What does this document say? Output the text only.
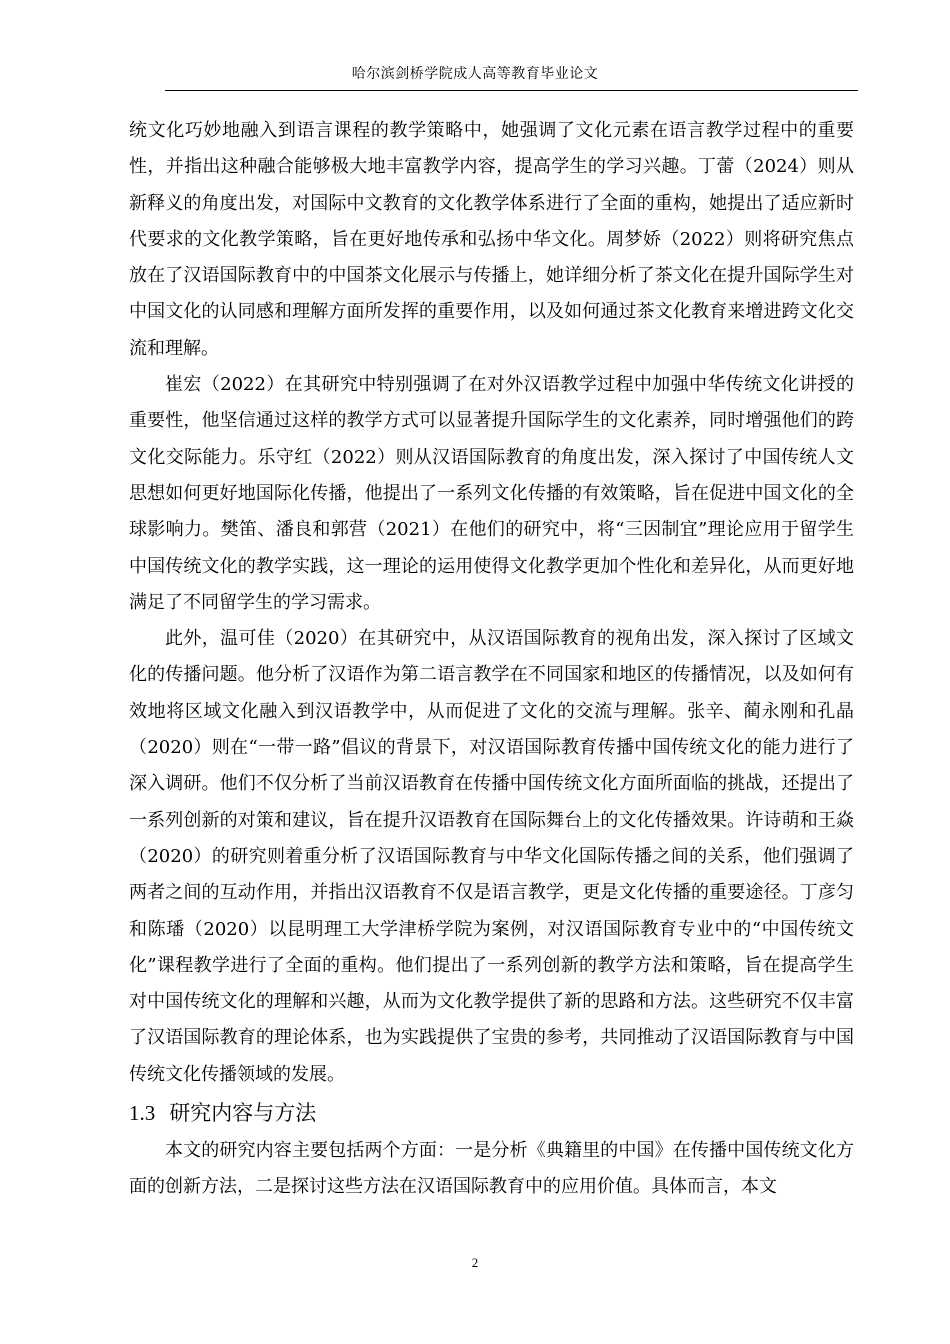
哈尔滨剑桥学院成人高等教育毕业论文

统文化巧妙地融入到语言课程的教学策略中，她强调了文化元素在语言教学过程中的重要性，并指出这种融合能够极大地丰富教学内容，提高学生的学习兴趣。丁蕾（2024）则从新释义的角度出发，对国际中文教育的文化教学体系进行了全面的重构，她提出了适应新时代要求的文化教学策略，旨在更好地传承和弘扬中华文化。周梦娇（2022）则将研究焦点放在了汉语国际教育中的中国茶文化展示与传播上，她详细分析了茶文化在提升国际学生对中国文化的认同感和理解方面所发挥的重要作用，以及如何通过茶文化教育来增进跨文化交流和理解。

崔宏（2022）在其研究中特别强调了在对外汉语教学过程中加强中华传统文化讲授的重要性，他坚信通过这样的教学方式可以显著提升国际学生的文化素养，同时增强他们的跨文化交际能力。乐守红（2022）则从汉语国际教育的角度出发，深入探讨了中国传统人文思想如何更好地国际化传播，他提出了一系列文化传播的有效策略，旨在促进中国文化的全球影响力。樊笛、潘良和郭营（2021）在他们的研究中，将“三因制宜”理论应用于留学生中国传统文化的教学实践，这一理论的运用使得文化教学更加个性化和差异化，从而更好地满足了不同留学生的学习需求。

此外，温可佳（2020）在其研究中，从汉语国际教育的视角出发，深入探讨了区域文化的传播问题。他分析了汉语作为第二语言教学在不同国家和地区的传播情况，以及如何有效地将区域文化融入到汉语教学中，从而促进了文化的交流与理解。张辛、蔺永刚和孔晶（2020）则在“一带一路”倡议的背景下，对汉语国际教育传播中国传统文化的能力进行了深入调研。他们不仅分析了当前汉语教育在传播中国传统文化方面所面临的挑战，还提出了一系列创新的对策和建议，旨在提升汉语教育在国际舞台上的文化传播效果。许诗萌和王焱（2020）的研究则着重分析了汉语国际教育与中华文化国际传播之间的关系，他们强调了两者之间的互动作用，并指出汉语教育不仅是语言教学，更是文化传播的重要途径。丁彦匀和陈璠（2020）以昆明理工大学津桥学院为案例，对汉语国际教育专业中的“中国传统文化”课程教学进行了全面的重构。他们提出了一系列创新的教学方法和策略，旨在提高学生对中国传统文化的理解和兴趣，从而为文化教学提供了新的思路和方法。这些研究不仅丰富了汉语国际教育的理论体系，也为实践提供了宝贵的参考，共同推动了汉语国际教育与中国传统文化传播领域的发展。

1.3 研究内容与方法

本文的研究内容主要包括两个方面：一是分析《典籍里的中国》在传播中国传统文化方面的创新方法，二是探讨这些方法在汉语国际教育中的应用价值。具体而言，本文

2
